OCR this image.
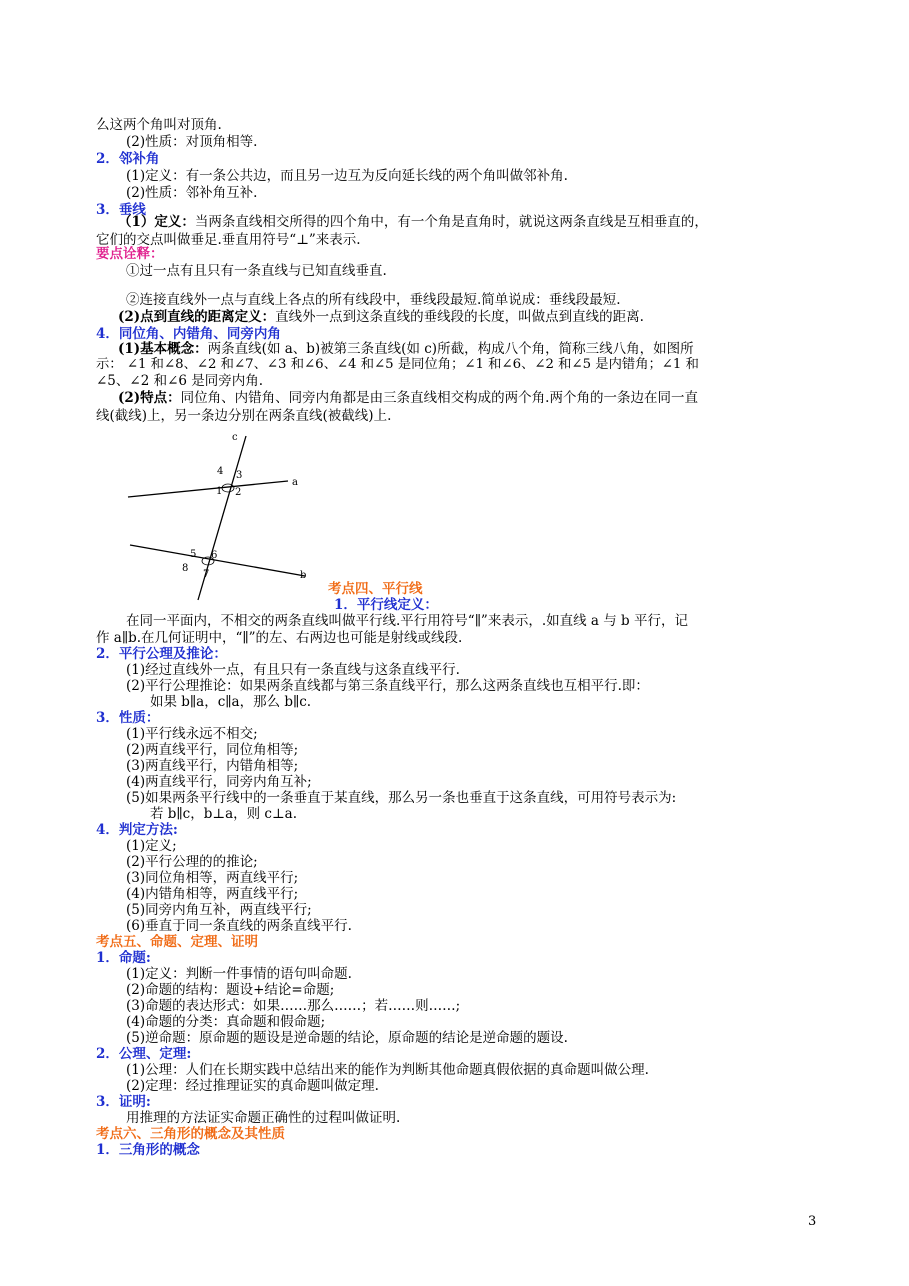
么这两个角叫对顶角.
(2)性质：对顶角相等.
2．邻补角
(1)定义：有一条公共边，而且另一边互为反向延长线的两个角叫做邻补角.
(2)性质：邻补角互补.
3．垂线
（1）定义：当两条直线相交所得的四个角中，有一个角是直角时，就说这两条直线是互相垂直的，
它们的交点叫做垂足.垂直用符号“⊥”来表示.
要点诠释：
①过一点有且只有一条直线与已知直线垂直.
②连接直线外一点与直线上各点的所有线段中，垂线段最短.简单说成：垂线段最短.
(2)点到直线的距离定义：直线外一点到这条直线的垂线段的长度，叫做点到直线的距离.
4．同位角、内错角、同旁内角
(1)基本概念：两条直线(如 a、b)被第三条直线(如 c)所截，构成八个角，简称三线八角，如图所
示： ∠1 和∠8、∠2 和∠7、∠3 和∠6、∠4 和∠5 是同位角；∠1 和∠6、∠2 和∠5 是内错角；∠1 和
∠5、∠2 和∠6 是同旁内角.
(2)特点：同位角、内错角、同旁内角都是由三条直线相交构成的两个角.两个角的一条边在同一直
线(截线)上，另一条边分别在两条直线(被截线)上.
c
a
b
1 2
3
4
5 6
7
8
考点四、平行线
1．平行线定义：
在同一平面内，不相交的两条直线叫做平行线.平行用符号“∥”来表示，.如直线 a 与 b 平行，记
作 a∥b.在几何证明中，“∥”的左、右两边也可能是射线或线段.
2．平行公理及推论：
(1)经过直线外一点，有且只有一条直线与这条直线平行.
(2)平行公理推论：如果两条直线都与第三条直线平行，那么这两条直线也互相平行.即：
如果 b∥a，c∥a，那么 b∥c.
3．性质：
(1)平行线永远不相交;
(2)两直线平行，同位角相等;
(3)两直线平行，内错角相等;
(4)两直线平行，同旁内角互补;
(5)如果两条平行线中的一条垂直于某直线，那么另一条也垂直于这条直线，可用符号表示为:
若 b∥c，b⊥a，则 c⊥a.
4．判定方法:
(1)定义;
(2)平行公理的的推论;
(3)同位角相等，两直线平行;
(4)内错角相等，两直线平行;
(5)同旁内角互补，两直线平行;
(6)垂直于同一条直线的两条直线平行.
考点五、命题、定理、证明
1．命题:
(1)定义：判断一件事情的语句叫命题.
(2)命题的结构：题设+结论=命题;
(3)命题的表达形式：如果……那么……；若……则……;
(4)命题的分类：真命题和假命题;
(5)逆命题：原命题的题设是逆命题的结论，原命题的结论是逆命题的题设.
2．公理、定理:
(1)公理：人们在长期实践中总结出来的能作为判断其他命题真假依据的真命题叫做公理.
(2)定理：经过推理证实的真命题叫做定理.
3．证明:
用推理的方法证实命题正确性的过程叫做证明.
考点六、三角形的概念及其性质
1．三角形的概念
3
